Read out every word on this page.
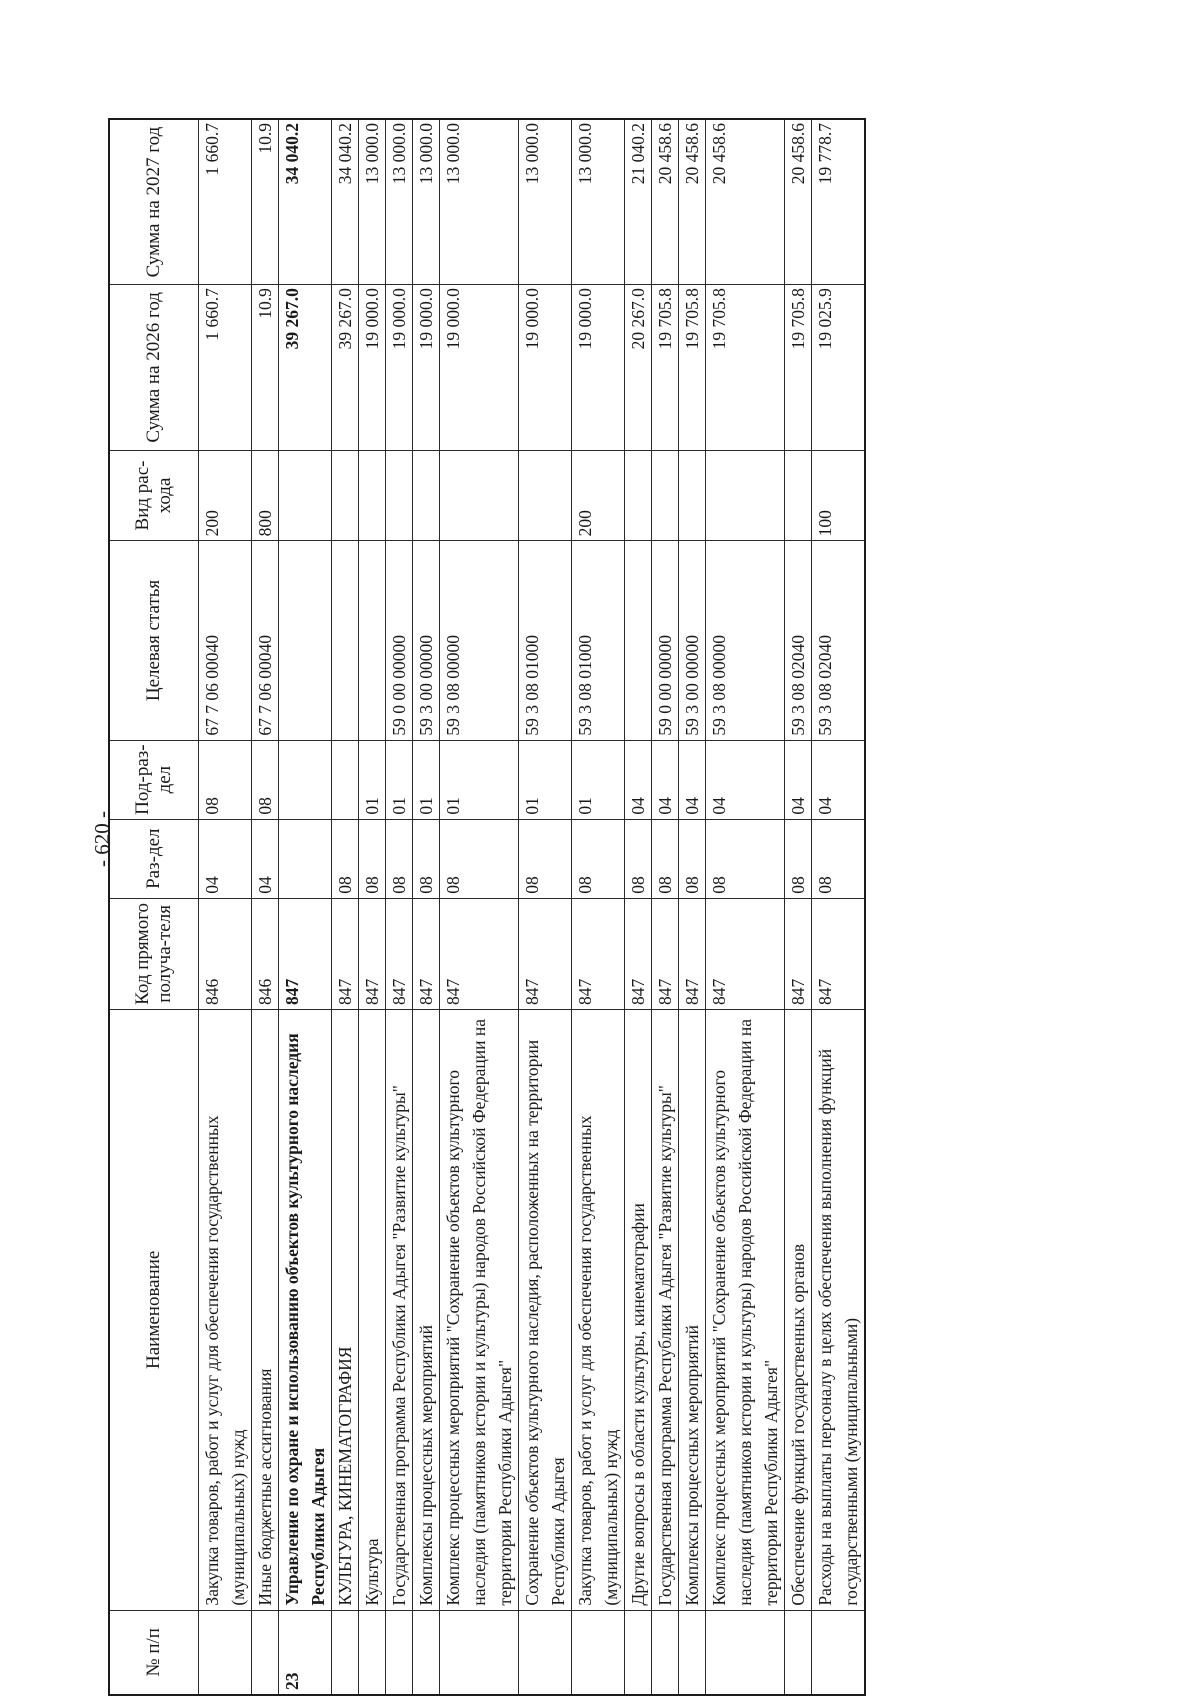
- 620 -
№ п/п	Наименование	Код прямого получа-теля	Раз-дел	Под-раз-дел	Целевая статья	Вид рас-хода	Сумма на 2026 год	Сумма на 2027 год
	Закупка товаров, работ и услуг для обеспечения государственных (муниципальных) нужд	846	04	08	67 7 06 00040	200	1 660.7	1 660.7
	Иные бюджетные ассигнования	846	04	08	67 7 06 00040	800	10.9	10.9
23	Управление по охране и использованию объектов культурного наследия Республики Адыгея	847					39 267.0	34 040.2
	КУЛЬТУРА, КИНЕМАТОГРАФИЯ	847	08				39 267.0	34 040.2
	Культура	847	08	01			19 000.0	13 000.0
	Государственная программа Республики Адыгея "Развитие культуры"	847	08	01	59 0 00 00000		19 000.0	13 000.0
	Комплексы процессных мероприятий	847	08	01	59 3 00 00000		19 000.0	13 000.0
	Комплекс процессных мероприятий "Сохранение объектов культурного наследия (памятников истории и культуры) народов Российской Федерации на территории Республики Адыгея"	847	08	01	59 3 08 00000		19 000.0	13 000.0
	Сохранение объектов культурного наследия, расположенных на территории Республики Адыгея	847	08	01	59 3 08 01000		19 000.0	13 000.0
	Закупка товаров, работ и услуг для обеспечения государственных (муниципальных) нужд	847	08	01	59 3 08 01000	200	19 000.0	13 000.0
	Другие вопросы в области культуры, кинематографии	847	08	04			20 267.0	21 040.2
	Государственная программа Республики Адыгея "Развитие культуры"	847	08	04	59 0 00 00000		19 705.8	20 458.6
	Комплексы процессных мероприятий	847	08	04	59 3 00 00000		19 705.8	20 458.6
	Комплекс процессных мероприятий "Сохранение объектов культурного наследия (памятников истории и культуры) народов Российской Федерации на территории Республики Адыгея"	847	08	04	59 3 08 00000		19 705.8	20 458.6
	Обеспечение функций государственных органов	847	08	04	59 3 08 02040		19 705.8	20 458.6
	Расходы на выплаты персоналу в целях обеспечения выполнения функций государственными (муниципальными)	847	08	04	59 3 08 02040	100	19 025.9	19 778.7
